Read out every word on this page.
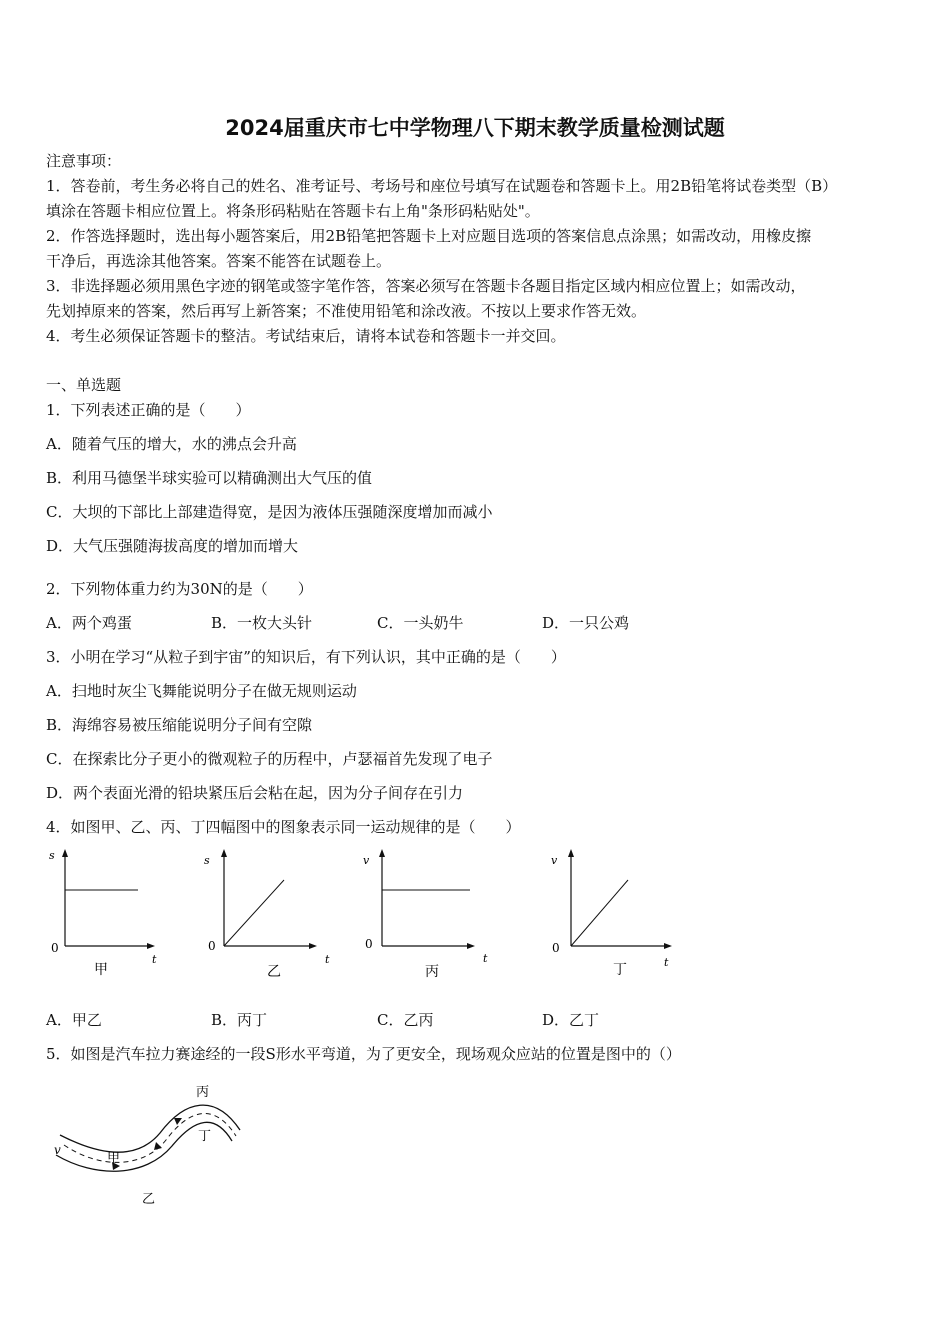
2024届重庆市七中学物理八下期末教学质量检测试题
注意事项：
1．答卷前，考生务必将自己的姓名、准考证号、考场号和座位号填写在试题卷和答题卡上。用2B铅笔将试卷类型（B）
填涂在答题卡相应位置上。将条形码粘贴在答题卡右上角"条形码粘贴处"。
2．作答选择题时，选出每小题答案后，用2B铅笔把答题卡上对应题目选项的答案信息点涂黑；如需改动，用橡皮擦
干净后，再选涂其他答案。答案不能答在试题卷上。
3．非选择题必须用黑色字迹的钢笔或签字笔作答，答案必须写在答题卡各题目指定区域内相应位置上；如需改动，
先划掉原来的答案，然后再写上新答案；不准使用铅笔和涂改液。不按以上要求作答无效。
4．考生必须保证答题卡的整洁。考试结束后，请将本试卷和答题卡一并交回。
一、单选题
1．下列表述正确的是（　　）
A．随着气压的增大，水的沸点会升高
B．利用马德堡半球实验可以精确测出大气压的值
C．大坝的下部比上部建造得宽，是因为液体压强随深度增加而减小
D．大气压强随海拔高度的增加而增大
2．下列物体重力约为30N的是（　　）
A．两个鸡蛋	B．一枚大头针	C．一头奶牛	D．一只公鸡
3．小明在学习“从粒子到宇宙”的知识后，有下列认识，其中正确的是（　　）
A．扫地时灰尘飞舞能说明分子在做无规则运动
B．海绵容易被压缩能说明分子间有空隙
C．在探索比分子更小的微观粒子的历程中，卢瑟福首先发现了电子
D．两个表面光滑的铅块紧压后会粘在起，因为分子间存在引力
4．如图甲、乙、丙、丁四幅图中的图象表示同一运动规律的是（　　）
s
0
t
甲
s
0
t
乙
v
0
t
丙
v
0
t
丁
A．甲乙	B．丙丁	C．乙丙	D．乙丁
5．如图是汽车拉力赛途经的一段S形水平弯道，为了更安全，现场观众应站的位置是图中的（）
v
甲
乙
丙
丁
